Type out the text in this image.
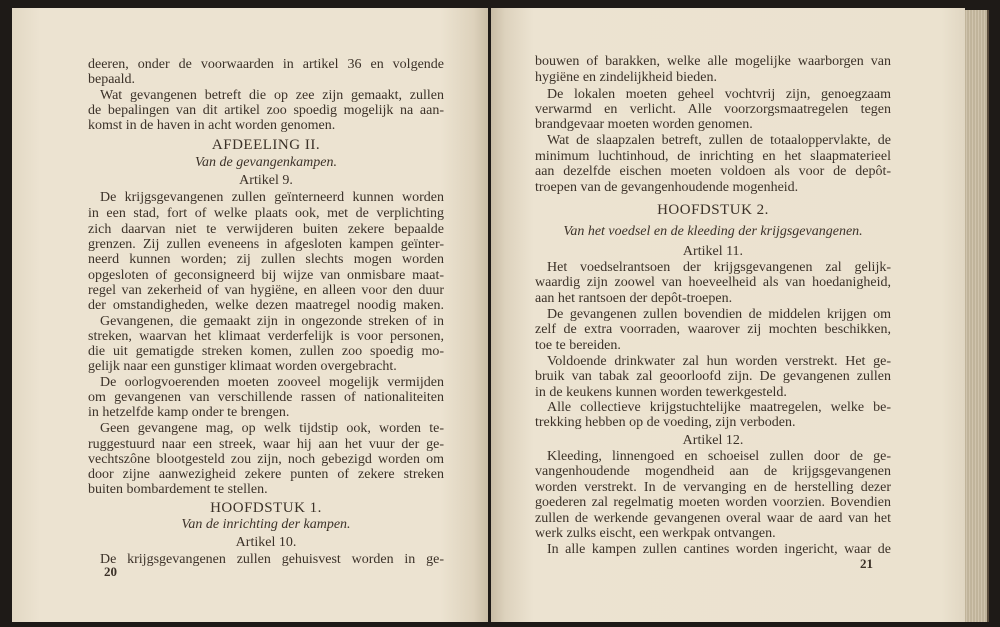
deeren, onder de voorwaarden in artikel 36 en volgende
bepaald.
Wat gevangenen betreft die op zee zijn gemaakt, zullen
de bepalingen van dit artikel zoo spoedig mogelijk na aan-
komst in de haven in acht worden genomen.
AFDEELING II.
Van de gevangenkampen.
Artikel 9.
De krijgsgevangenen zullen geïnterneerd kunnen worden
in een stad, fort of welke plaats ook, met de verplichting
zich daarvan niet te verwijderen buiten zekere bepaalde
grenzen. Zij zullen eveneens in afgesloten kampen geïnter-
neerd kunnen worden; zij zullen slechts mogen worden
opgesloten of geconsigneerd bij wijze van onmisbare maat-
regel van zekerheid of van hygiëne, en alleen voor den duur
der omstandigheden, welke dezen maatregel noodig maken.
Gevangenen, die gemaakt zijn in ongezonde streken of in
streken, waarvan het klimaat verderfelijk is voor personen,
die uit gematigde streken komen, zullen zoo spoedig mo-
gelijk naar een gunstiger klimaat worden overgebracht.
De oorlogvoerenden moeten zooveel mogelijk vermijden
om gevangenen van verschillende rassen of nationaliteiten
in hetzelfde kamp onder te brengen.
Geen gevangene mag, op welk tijdstip ook, worden te-
ruggestuurd naar een streek, waar hij aan het vuur der ge-
vechtszône blootgesteld zou zijn, noch gebezigd worden om
door zijne aanwezigheid zekere punten of zekere streken
buiten bombardement te stellen.
HOOFDSTUK 1.
Van de inrichting der kampen.
Artikel 10.
De krijgsgevangenen zullen gehuisvest worden in ge-
bouwen of barakken, welke alle mogelijke waarborgen van
hygiëne en zindelijkheid bieden.
De lokalen moeten geheel vochtvrij zijn, genoegzaam
verwarmd en verlicht. Alle voorzorgsmaatregelen tegen
brandgevaar moeten worden genomen.
Wat de slaapzalen betreft, zullen de totaaloppervlakte, de
minimum luchtinhoud, de inrichting en het slaapmaterieel
aan dezelfde eischen moeten voldoen als voor de depôt-
troepen van de gevangenhoudende mogenheid.
HOOFDSTUK 2.
Van het voedsel en de kleeding der krijgsgevangenen.
Artikel 11.
Het voedselrantsoen der krijgsgevangenen zal gelijk-
waardig zijn zoowel van hoeveelheid als van hoedanigheid,
aan het rantsoen der depôt-troepen.
De gevangenen zullen bovendien de middelen krijgen om
zelf de extra voorraden, waarover zij mochten beschikken,
toe te bereiden.
Voldoende drinkwater zal hun worden verstrekt. Het ge-
bruik van tabak zal geoorloofd zijn. De gevangenen zullen
in de keukens kunnen worden tewerkgesteld.
Alle collectieve krijgstuchtelijke maatregelen, welke be-
trekking hebben op de voeding, zijn verboden.
Artikel 12.
Kleeding, linnengoed en schoeisel zullen door de ge-
vangenhoudende mogendheid aan de krijgsgevangenen
worden verstrekt. In de vervanging en de herstelling dezer
goederen zal regelmatig moeten worden voorzien. Bovendien
zullen de werkende gevangenen overal waar de aard van het
werk zulks eischt, een werkpak ontvangen.
In alle kampen zullen cantines worden ingericht, waar de
20
21
